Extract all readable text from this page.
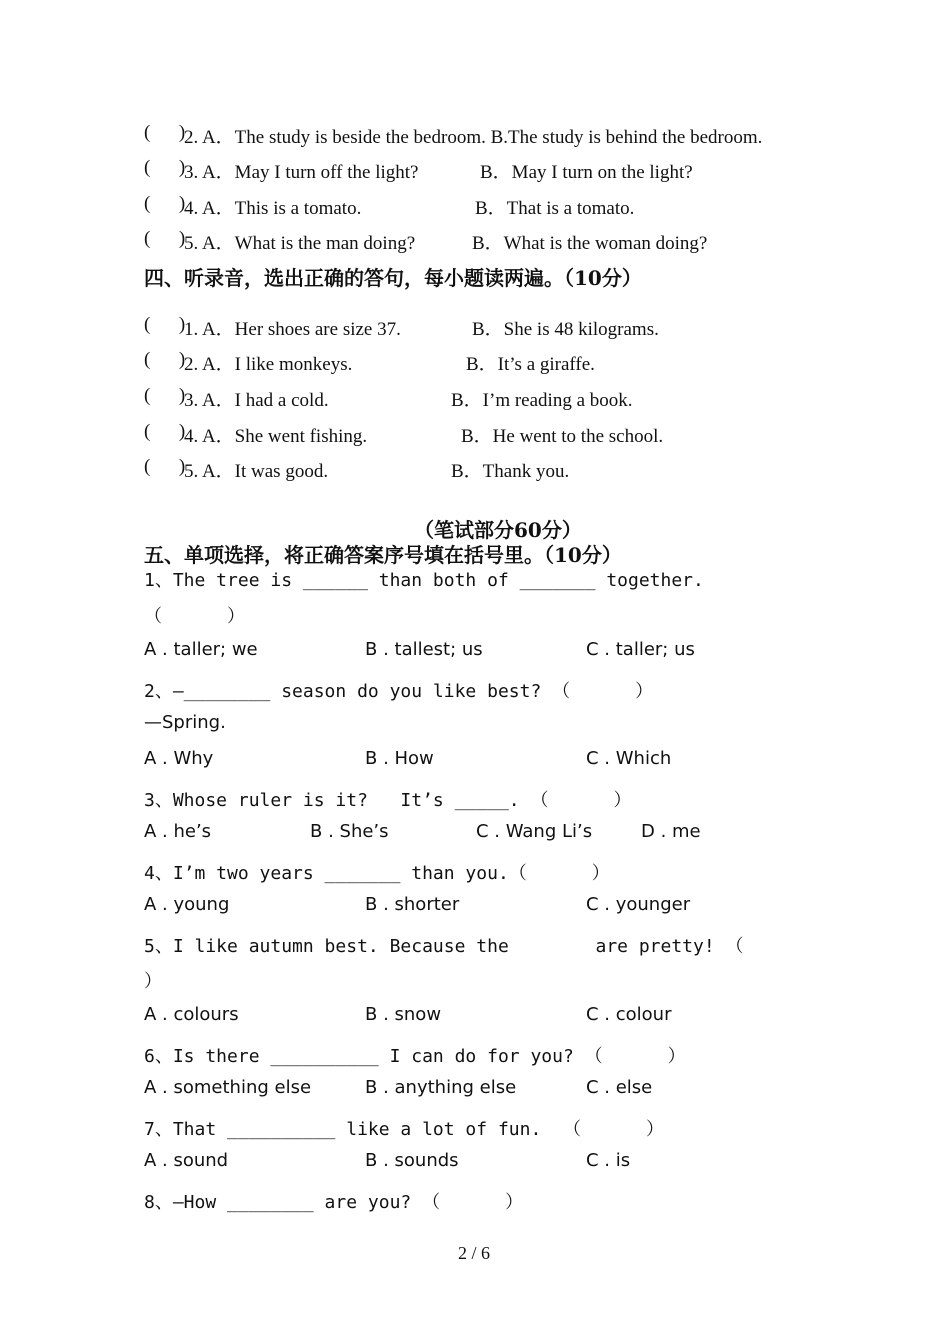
(      )
2. A．The study is beside the bedroom. B.The study is behind the bedroom.
(      )
3. A．May I turn off the light?	B．May I turn on the light?
(      )
4. A．This is a tomato.	B．That is a tomato.
(      )
5. A．What is the man doing?	B．What is the woman doing?
四、听录音，选出正确的答句，每小题读两遍。（10分）
(      )
1. A．Her shoes are size 37.	B．She is 48 kilograms.
(      )
2. A．I like monkeys.	B．It’s a giraffe.
(      )
3. A．I had a cold.	B．I’m reading a book.
(      )
4. A．She went fishing.	B．He went to the school.
(      )
5. A．It was good.	B．Thank you.
（笔试部分60分）
五、单项选择，将正确答案序号填在括号里。（10分）
1、The tree is ______ than both of _______ together.
（      ）
A . taller; we	B . tallest; us	C . taller; us
2、—________ season do you like best? （      ）
—Spring.
A . Why	B . How	C . Which
3、Whose ruler is it?   It’s _____. （      ）
A . he’s	B . She’s	C . Wang Li’s	D . me
4、I’m two years _______ than you.（      ）
A . young	B . shorter	C . younger
5、I like autumn best. Because the        are pretty! （
）
A . colours	B . snow	C . colour
6、Is there __________ I can do for you? （      ）
A . something else	B . anything else	C . else
7、That __________ like a lot of fun.  （      ）
A . sound	B . sounds	C . is
8、—How ________ are you? （      ）
2 / 6
